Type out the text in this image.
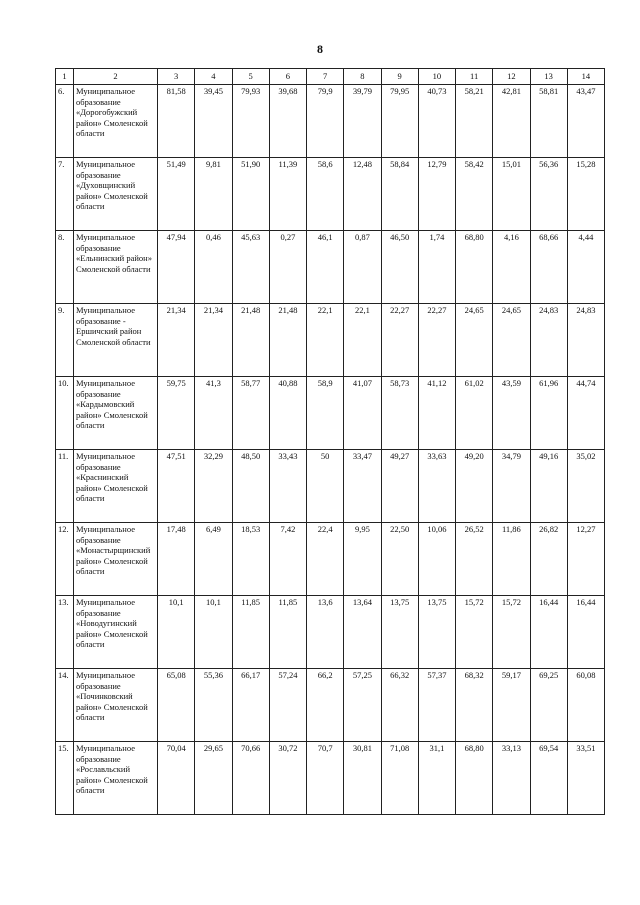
8
1	2	3	4	5	6	7	8	9	10	11	12	13	14
6.	Муниципальное образование «Дорогобужский район» Смоленской области	81,58	39,45	79,93	39,68	79,9	39,79	79,95	40,73	58,21	42,81	58,81	43,47
7.	Муниципальное образование «Духовщинский район» Смоленской области	51,49	9,81	51,90	11,39	58,6	12,48	58,84	12,79	58,42	15,01	56,36	15,28
8.	Муниципальное образование «Ельнинский район» Смоленской области	47,94	0,46	45,63	0,27	46,1	0,87	46,50	1,74	68,80	4,16	68,66	4,44
9.	Муниципальное образование - Ершичский район Смоленской области	21,34	21,34	21,48	21,48	22,1	22,1	22,27	22,27	24,65	24,65	24,83	24,83
10.	Муниципальное образование «Кардымовский район» Смоленской области	59,75	41,3	58,77	40,88	58,9	41,07	58,73	41,12	61,02	43,59	61,96	44,74
11.	Муниципальное образование «Краснинский район» Смоленской области	47,51	32,29	48,50	33,43	50	33,47	49,27	33,63	49,20	34,79	49,16	35,02
12.	Муниципальное образование «Монастырщинский район» Смоленской области	17,48	6,49	18,53	7,42	22,4	9,95	22,50	10,06	26,52	11,86	26,82	12,27
13.	Муниципальное образование «Новодугинский район» Смоленской области	10,1	10,1	11,85	11,85	13,6	13,64	13,75	13,75	15,72	15,72	16,44	16,44
14.	Муниципальное образование «Починковский район» Смоленской области	65,08	55,36	66,17	57,24	66,2	57,25	66,32	57,37	68,32	59,17	69,25	60,08
15.	Муниципальное образование «Рославльский район» Смоленской области	70,04	29,65	70,66	30,72	70,7	30,81	71,08	31,1	68,80	33,13	69,54	33,51
